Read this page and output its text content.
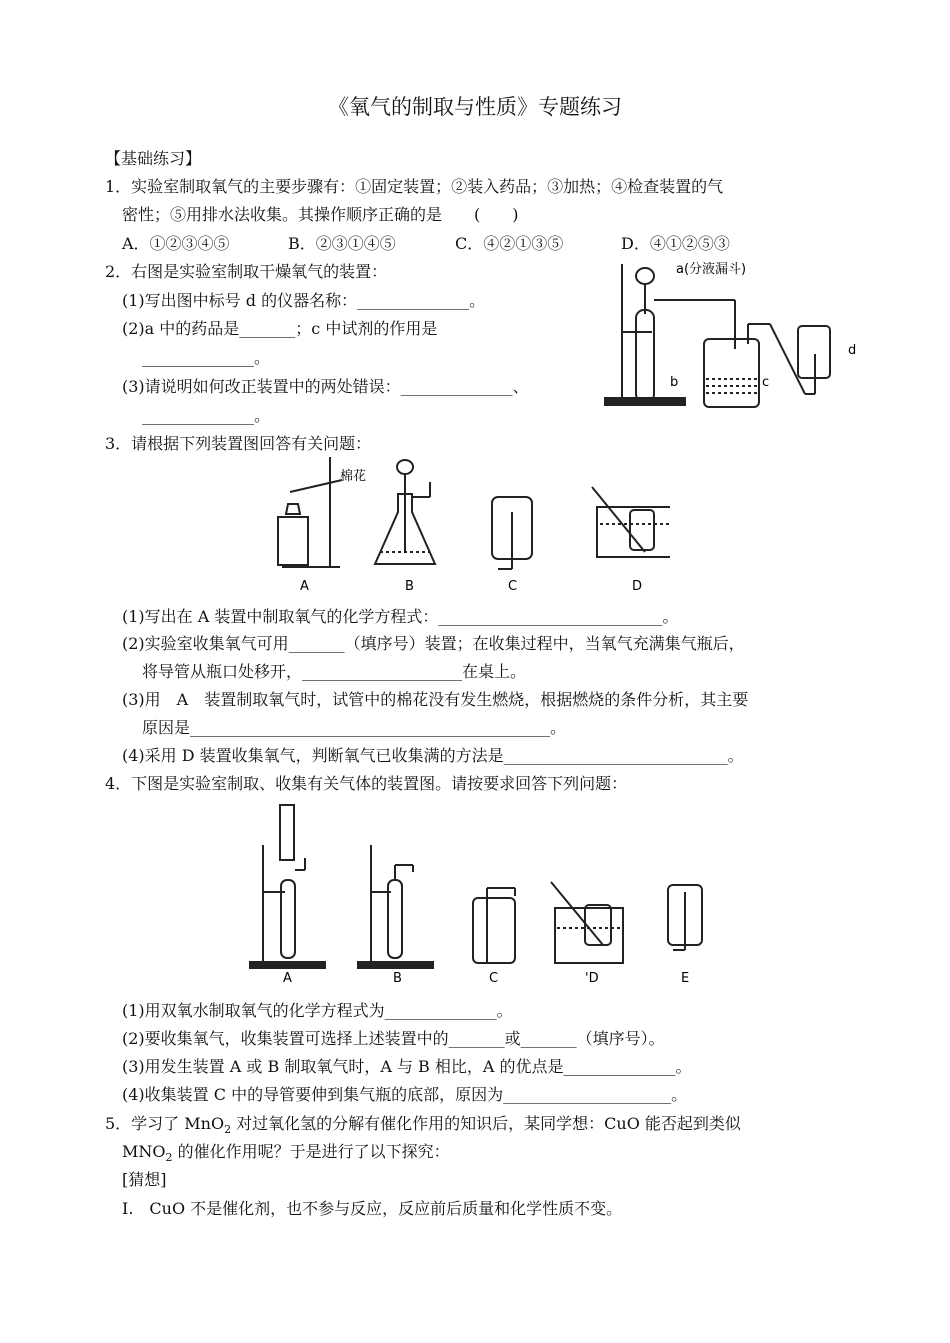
《氧气的制取与性质》专题练习
【基础练习】
1．实验室制取氧气的主要步骤有：①固定装置；②装入药品；③加热；④检查装置的气
密性；⑤用排水法收集。其操作顺序正确的是　　(　　)
A．①②③④⑤	B．②③①④⑤	C．④②①③⑤	D．④①②⑤③
2．右图是实验室制取干燥氧气的装置：
(1)写出图中标号 d 的仪器名称：______________。
(2)a 中的药品是_______；c 中试剂的作用是
______________。
(3)请说明如何改正装置中的两处错误：______________、
______________。
a(分液漏斗)
b	c
d
3．请根据下列装置图回答有关问题：
棉花
A	B	C	D
(1)写出在 A 装置中制取氧气的化学方程式：____________________________。
(2)实验室收集氧气可用_______（填序号）装置；在收集过程中，当氧气充满集气瓶后，
将导管从瓶口处移开，____________________在桌上。
(3)用　A　装置制取氧气时，试管中的棉花没有发生燃烧，根据燃烧的条件分析，其主要
原因是_____________________________________________。
(4)采用 D 装置收集氧气，判断氧气已收集满的方法是____________________________。
4．下图是实验室制取、收集有关气体的装置图。请按要求回答下列问题：
A	B	C	'D	E
(1)用双氧水制取氧气的化学方程式为______________。
(2)要收集氧气，收集装置可选择上述装置中的_______或_______（填序号）。
(3)用发生装置 A 或 B 制取氧气时，A 与 B 相比，A 的优点是______________。
(4)收集装置 C 中的导管要伸到集气瓶的底部，原因为_____________________。
5．学习了 MnO$_2$ 对过氧化氢的分解有催化作用的知识后，某同学想：CuO 能否起到类似
$MNO_2$ 的催化作用呢？于是进行了以下探究：
[猜想]
I.　CuO 不是催化剂，也不参与反应，反应前后质量和化学性质不变。
